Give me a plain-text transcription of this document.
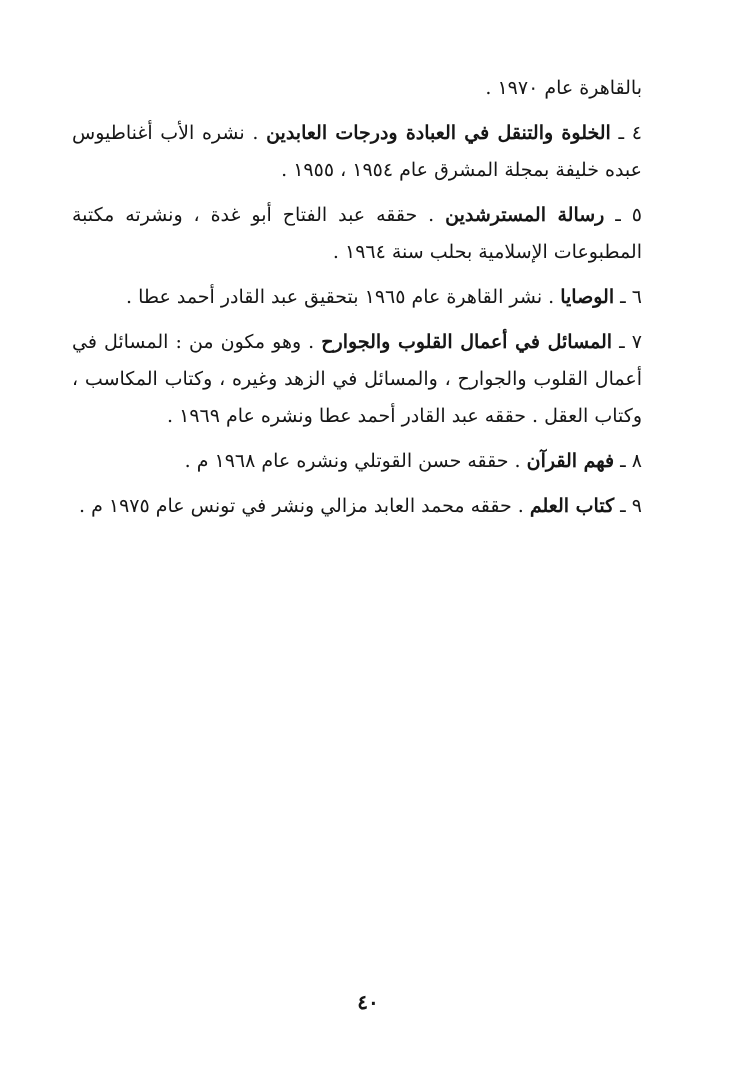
بالقاهرة عام ١٩٧٠ .

٤ ـ الخلوة والتنقل في العبادة ودرجات العابدين . نشره الأب أغناطيوس عبده خليفة بمجلة المشرق عام ١٩٥٤ ، ١٩٥٥ .

٥ ـ رسالة المسترشدين . حققه عبد الفتاح أبو غدة ، ونشرته مكتبة المطبوعات الإسلامية بحلب سنة ١٩٦٤ .

٦ ـ الوصايا . نشر القاهرة عام ١٩٦٥ بتحقيق عبد القادر أحمد عطا .

٧ ـ المسائل في أعمال القلوب والجوارح . وهو مكون من : المسائل في أعمال القلوب والجوارح ، والمسائل في الزهد وغيره ، وكتاب المكاسب ، وكتاب العقل . حققه عبد القادر أحمد عطا ونشره عام ١٩٦٩ .

٨ ـ فهم القرآن . حققه حسن القوتلي ونشره عام ١٩٦٨ م .

٩ ـ كتاب العلم . حققه محمد العابد مزالي ونشر في تونس عام ١٩٧٥ م .

٤٠
